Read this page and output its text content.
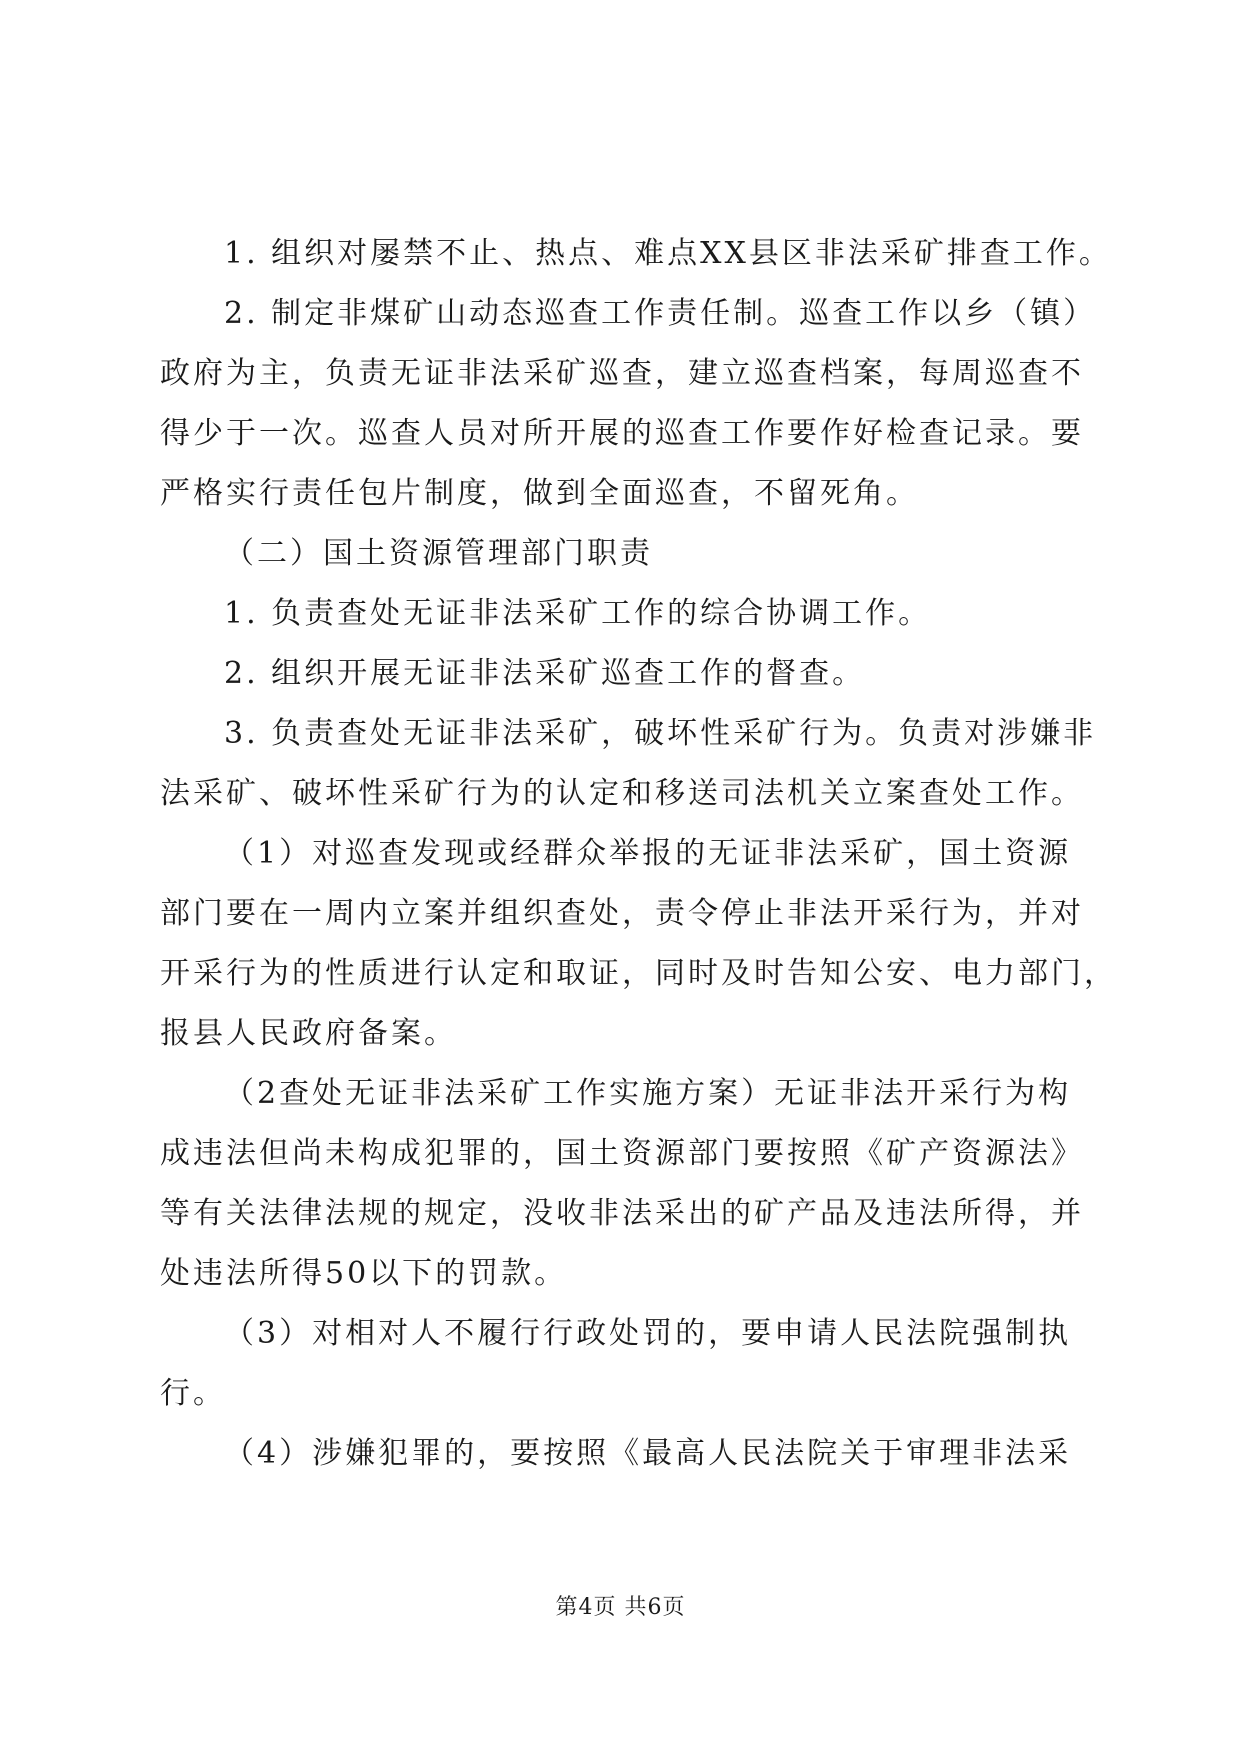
1. 组织对屡禁不止、热点、难点XX县区非法采矿排查工作。
2. 制定非煤矿山动态巡查工作责任制。巡查工作以乡（镇）
政府为主，负责无证非法采矿巡查，建立巡查档案，每周巡查不
得少于一次。巡查人员对所开展的巡查工作要作好检查记录。要
严格实行责任包片制度，做到全面巡查，不留死角。
（二）国土资源管理部门职责
1. 负责查处无证非法采矿工作的综合协调工作。
2. 组织开展无证非法采矿巡查工作的督查。
3. 负责查处无证非法采矿，破坏性采矿行为。负责对涉嫌非
法采矿、破坏性采矿行为的认定和移送司法机关立案查处工作。
（1）对巡查发现或经群众举报的无证非法采矿，国土资源
部门要在一周内立案并组织查处，责令停止非法开采行为，并对
开采行为的性质进行认定和取证，同时及时告知公安、电力部门，
报县人民政府备案。
（2查处无证非法采矿工作实施方案）无证非法开采行为构
成违法但尚未构成犯罪的，国土资源部门要按照《矿产资源法》
等有关法律法规的规定，没收非法采出的矿产品及违法所得，并
处违法所得50以下的罚款。
（3）对相对人不履行行政处罚的，要申请人民法院强制执
行。
（4）涉嫌犯罪的，要按照《最高人民法院关于审理非法采
第4页 共6页
